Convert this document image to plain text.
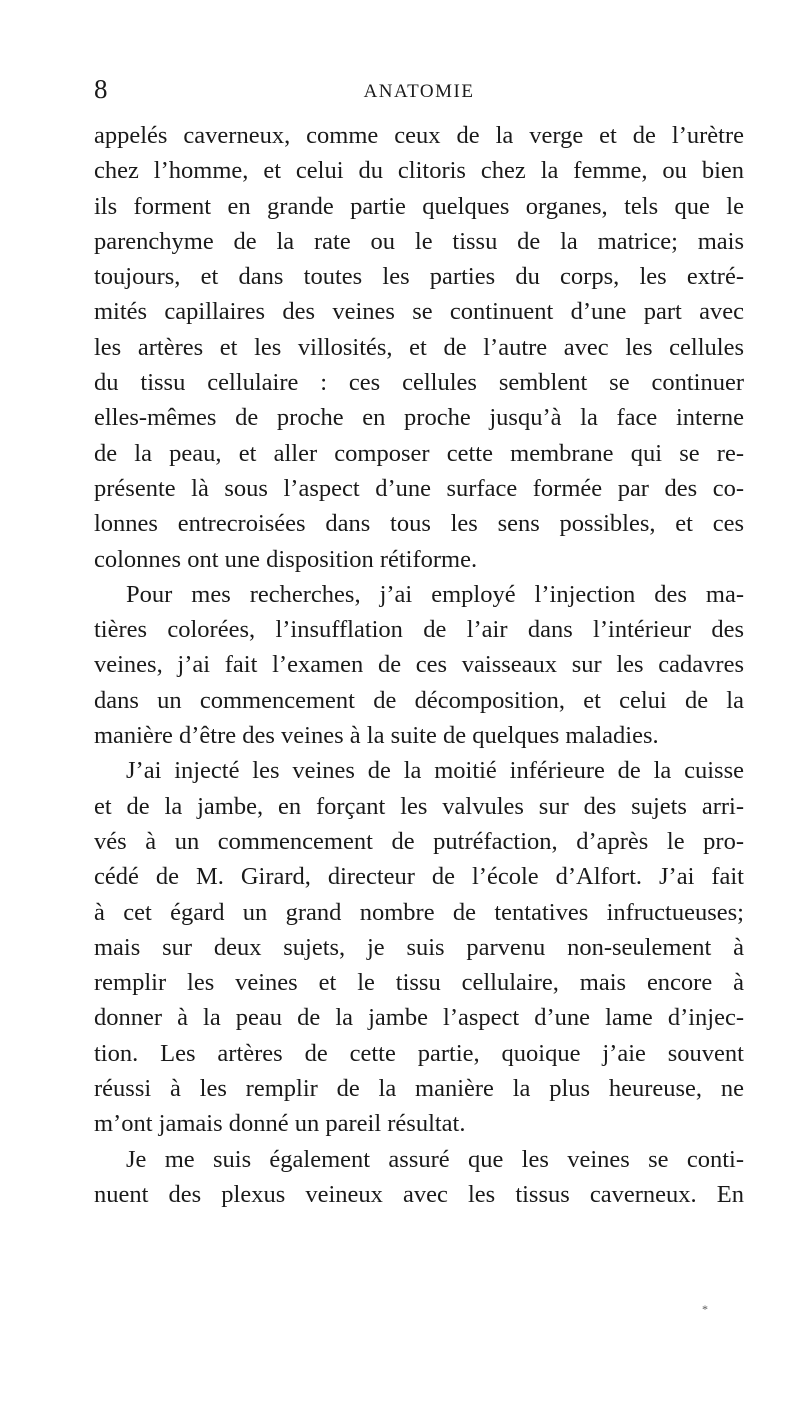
8	ANATOMIE
appelés caverneux, comme ceux de la verge et de l’urètre
chez l’homme, et celui du clitoris chez la femme, ou bien
ils forment en grande partie quelques organes, tels que le
parenchyme de la rate ou le tissu de la matrice; mais
toujours, et dans toutes les parties du corps, les extré-
mités capillaires des veines se continuent d’une part avec
les artères et les villosités, et de l’autre avec les cellules
du tissu cellulaire : ces cellules semblent se continuer
elles-mêmes de proche en proche jusqu’à la face interne
de la peau, et aller composer cette membrane qui se re-
présente là sous l’aspect d’une surface formée par des co-
lonnes entrecroisées dans tous les sens possibles, et ces
colonnes ont une disposition rétiforme.
Pour mes recherches, j’ai employé l’injection des ma-
tières colorées, l’insufflation de l’air dans l’intérieur des
veines, j’ai fait l’examen de ces vaisseaux sur les cadavres
dans un commencement de décomposition, et celui de la
manière d’être des veines à la suite de quelques maladies.
J’ai injecté les veines de la moitié inférieure de la cuisse
et de la jambe, en forçant les valvules sur des sujets arri-
vés à un commencement de putréfaction, d’après le pro-
cédé de M. Girard, directeur de l’école d’Alfort. J’ai fait
à cet égard un grand nombre de tentatives infructueuses;
mais sur deux sujets, je suis parvenu non-seulement à
remplir les veines et le tissu cellulaire, mais encore à
donner à la peau de la jambe l’aspect d’une lame d’injec-
tion. Les artères de cette partie, quoique j’aie souvent
réussi à les remplir de la manière la plus heureuse, ne
m’ont jamais donné un pareil résultat.
Je me suis également assuré que les veines se conti-
nuent des plexus veineux avec les tissus caverneux. En
*
